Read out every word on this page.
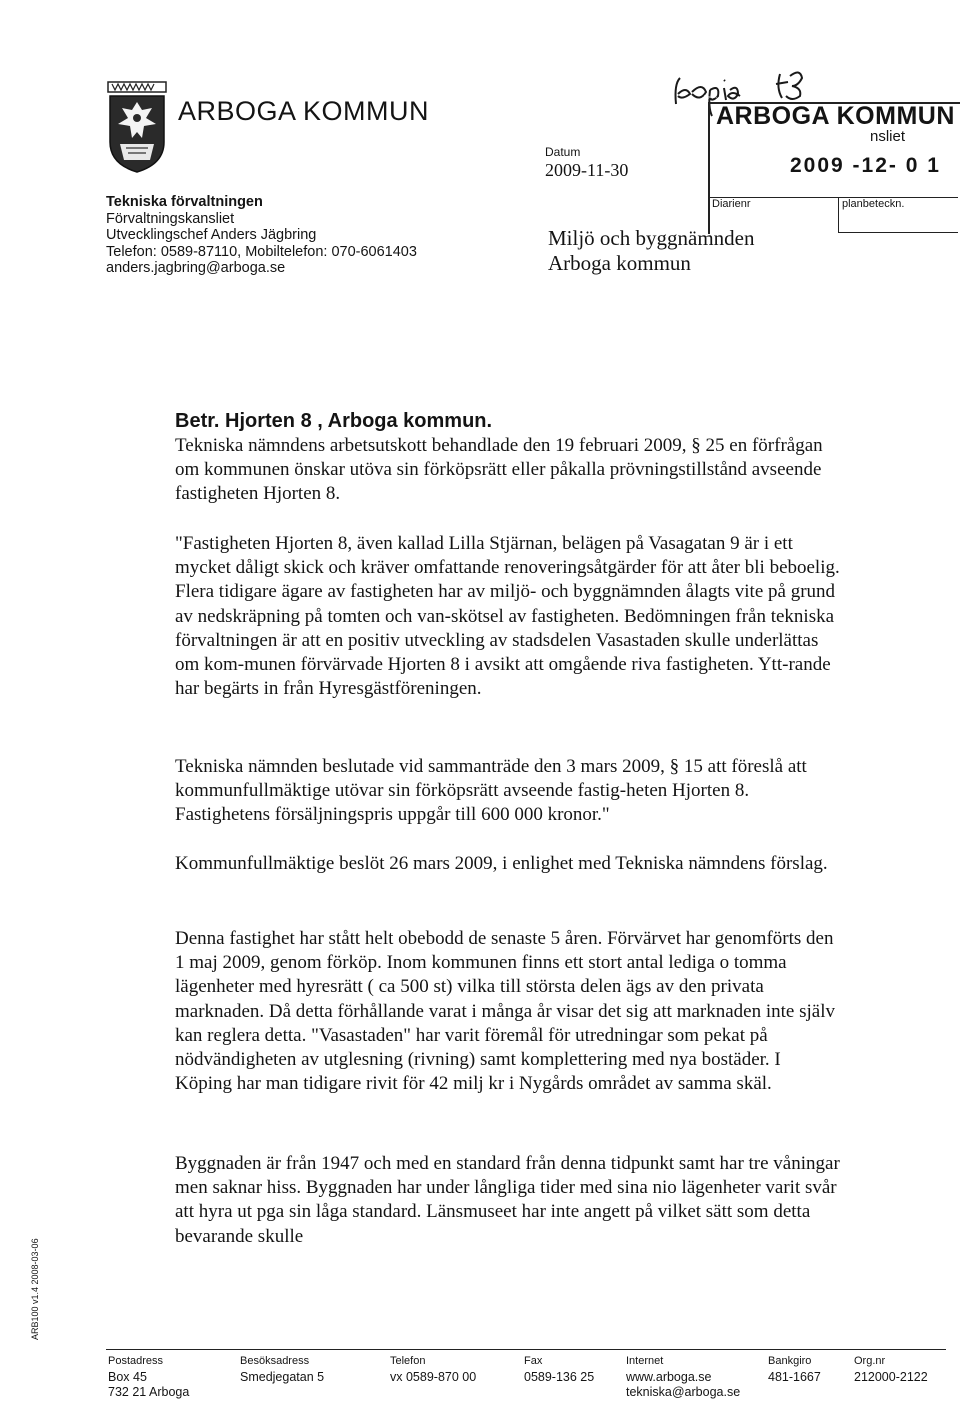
ARBOGA KOMMUN
Tekniska förvaltningen
Förvaltningskansliet
Utvecklingschef Anders Jägbring
Telefon: 0589-87110, Mobiltelefon: 070-6061403
anders.jagbring@arboga.se
Datum
2009-11-30
Miljö och byggnämnden
Arboga kommun
kopia fs
ARBOGA KOMMUN
nsliet
2009 -12- 0 1
Diarienr	planbeteckn.
Betr. Hjorten 8 , Arboga kommun.

Tekniska nämndens arbetsutskott behandlade den 19 februari 2009, § 25 en förfrågan om kommunen önskar utöva sin förköpsrätt eller påkalla prövningstillstånd avseende fastigheten Hjorten 8.

"Fastigheten Hjorten 8, även kallad Lilla Stjärnan, belägen på Vasagatan 9 är i ett mycket dåligt skick och kräver omfattande renoveringsåtgärder för att åter bli beboelig. Flera tidigare ägare av fastigheten har av miljö- och byggnämnden ålagts vite på grund av nedskräpning på tomten och van-skötsel av fastigheten. Bedömningen från tekniska förvaltningen är att en positiv utveckling av stadsdelen Vasastaden skulle underlättas om kom-munen förvärvade Hjorten 8 i avsikt att omgående riva fastigheten. Ytt-rande har begärts in från Hyresgästföreningen.

Tekniska nämnden beslutade vid sammanträde den 3 mars 2009, § 15 att föreslå att kommunfullmäktige utövar sin förköpsrätt avseende fastig-heten Hjorten 8. Fastighetens försäljningspris uppgår till 600 000 kronor."

Kommunfullmäktige beslöt 26 mars 2009, i enlighet med Tekniska nämndens förslag.

Denna fastighet har stått helt obebodd de senaste 5 åren. Förvärvet har genomförts den 1 maj 2009, genom förköp. Inom kommunen finns ett stort antal lediga o tomma lägenheter med hyresrätt ( ca 500 st) vilka till största delen ägs av den privata marknaden. Då detta förhållande varat i många år visar det sig att marknaden inte själv kan reglera detta. "Vasastaden" har varit föremål för utredningar som pekat på nödvändigheten av utglesning (rivning) samt komplettering med nya bostäder. I Köping har man tidigare rivit för 42 milj kr i Nygårds området av samma skäl.

Byggnaden är från 1947 och med en standard från denna tidpunkt samt har tre våningar men saknar hiss. Byggnaden har under långliga tider med sina nio lägenheter varit svår att hyra ut pga sin låga standard. Länsmuseet har inte angett på vilket sätt som detta bevarande skulle

ARB100 v1.4 2008-03-06
Postadress
Box 45
732 21 Arboga
Besöksadress
Smedjegatan 5
Telefon
vx 0589-870 00
Fax
0589-136 25
Internet
www.arboga.se
tekniska@arboga.se
Bankgiro
481-1667
Org.nr
212000-2122
